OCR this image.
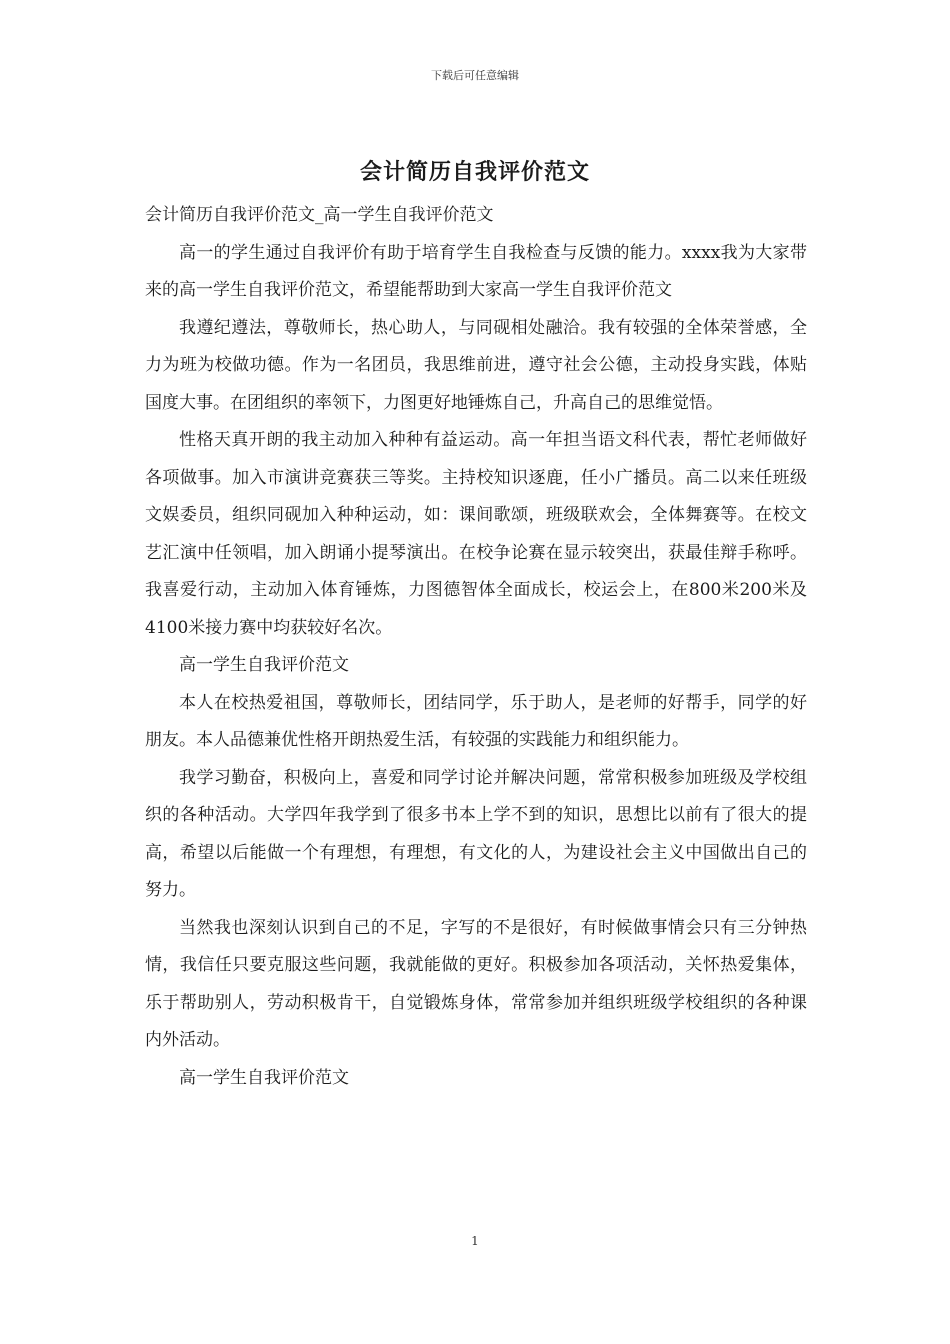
下载后可任意编辑
会计简历自我评价范文

会计简历自我评价范文_高一学生自我评价范文

高一的学生通过自我评价有助于培育学生自我检查与反馈的能力。xxxx我为大家带来的高一学生自我评价范文，希望能帮助到大家高一学生自我评价范文

我遵纪遵法，尊敬师长，热心助人，与同砚相处融洽。我有较强的全体荣誉感，全力为班为校做功德。作为一名团员，我思维前进，遵守社会公德，主动投身实践，体贴国度大事。在团组织的率领下，力图更好地锤炼自己，升高自己的思维觉悟。

性格天真开朗的我主动加入种种有益运动。高一年担当语文科代表，帮忙老师做好各项做事。加入市演讲竞赛获三等奖。主持校知识逐鹿，任小广播员。高二以来任班级文娱委员，组织同砚加入种种运动，如：课间歌颂，班级联欢会，全体舞赛等。在校文艺汇演中任领唱，加入朗诵小提琴演出。在校争论赛在显示较突出，获最佳辩手称呼。我喜爱行动，主动加入体育锤炼，力图德智体全面成长，校运会上，在800米200米及4100米接力赛中均获较好名次。

高一学生自我评价范文

本人在校热爱祖国，尊敬师长，团结同学，乐于助人，是老师的好帮手，同学的好朋友。本人品德兼优性格开朗热爱生活，有较强的实践能力和组织能力。

我学习勤奋，积极向上，喜爱和同学讨论并解决问题，常常积极参加班级及学校组织的各种活动。大学四年我学到了很多书本上学不到的知识，思想比以前有了很大的提高，希望以后能做一个有理想，有理想，有文化的人，为建设社会主义中国做出自己的努力。

当然我也深刻认识到自己的不足，字写的不是很好，有时候做事情会只有三分钟热情，我信任只要克服这些问题，我就能做的更好。积极参加各项活动，关怀热爱集体，乐于帮助别人，劳动积极肯干，自觉锻炼身体，常常参加并组织班级学校组织的各种课内外活动。

高一学生自我评价范文

1
